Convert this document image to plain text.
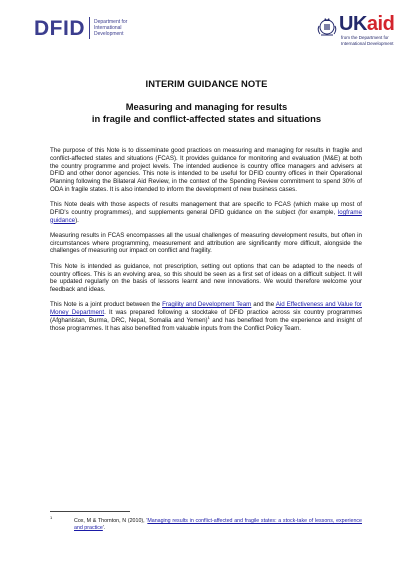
DFID Department for
International
Development	UKaid
from the Department for
International Development
INTERIM GUIDANCE NOTE
Measuring and managing for results
in fragile and conflict-affected states and situations

The purpose of this Note is to disseminate good practices on measuring and managing for results in fragile and conflict-affected states and situations (FCAS). It provides guidance for monitoring and evaluation (M&E) at both the country programme and project levels. The intended audience is country office managers and advisers at DFID and other donor agencies. This note is intended to be useful for DFID country offices in their Operational Planning following the Bilateral Aid Review, in the context of the Spending Review commitment to spend 30% of ODA in fragile states. It is also intended to inform the development of new business cases.

This Note deals with those aspects of results management that are specific to FCAS (which make up most of DFID's country programmes), and supplements general DFID guidance on the subject (for example, logframe guidance).

Measuring results in FCAS encompasses all the usual challenges of measuring development results, but often in circumstances where programming, measurement and attribution are significantly more difficult, alongside the challenges of measuring our impact on conflict and fragility.

This Note is intended as guidance, not prescription, setting out options that can be adapted to the needs of country offices. This is an evolving area, so this should be seen as a first set of ideas on a difficult subject. It will be updated regularly on the basis of lessons learnt and new innovations. We would therefore welcome your feedback and ideas.

This Note is a joint product between the Fragility and Development Team and the Aid Effectiveness and Value for Money Department. It was prepared following a stocktake of DFID practice across six country programmes (Afghanistan, Burma, DRC, Nepal, Somalia and Yemen)$^1$ and has benefited from the experience and insight of those programmes. It has also benefited from valuable inputs from the Conflict Policy Team.

$^1$
Cox, M & Thornton, N (2010), 'Managing results in conflict-affected and fragile states: a stock-take of lessons, experience and practice'.
